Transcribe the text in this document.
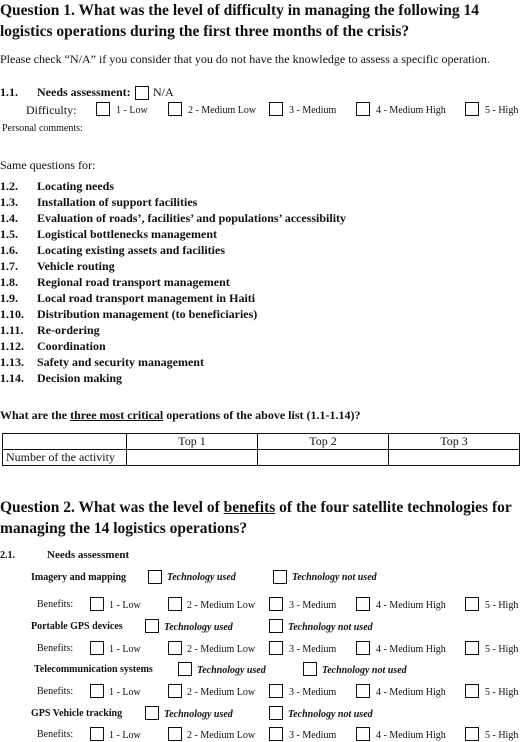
Question 1. What was the level of difficulty in managing the following 14 logistics operations during the first three months of the crisis?
Please check “N/A” if you consider that you do not have the knowledge to assess a specific operation.
1.1. Needs assessment: N/A
Difficulty:	1 - Low	2 - Medium Low	3 - Medium	4 - Medium High	5 - High
Personal comments:
Same questions for:
1.2. Locating needs
1.3. Installation of support facilities
1.4. Evaluation of roads’, facilities’ and populations’ accessibility
1.5. Logistical bottlenecks management
1.6. Locating existing assets and facilities
1.7. Vehicle routing
1.8. Regional road transport management
1.9. Local road transport management in Haiti
1.10. Distribution management (to beneficiaries)
1.11. Re-ordering
1.12. Coordination
1.13. Safety and security management
1.14. Decision making
What are the three most critical operations of the above list (1.1-1.14)?
	Top 1	Top 2	Top 3
Number of the activity			
Question 2. What was the level of benefits of the four satellite technologies for managing the 14 logistics operations?
2.1.	Needs assessment
Imagery and mapping	Technology used	Technology not used
Benefits:	1 - Low	2 - Medium Low	3 - Medium	4 - Medium High	5 - High
Portable GPS devices	Technology used	Technology not used
Benefits:	1 - Low	2 - Medium Low	3 - Medium	4 - Medium High	5 - High
Telecommunication systems	Technology used	Technology not used
Benefits:	1 - Low	2 - Medium Low	3 - Medium	4 - Medium High	5 - High
GPS Vehicle tracking	Technology used	Technology not used
Benefits:	1 - Low	2 - Medium Low	3 - Medium	4 - Medium High	5 - High
